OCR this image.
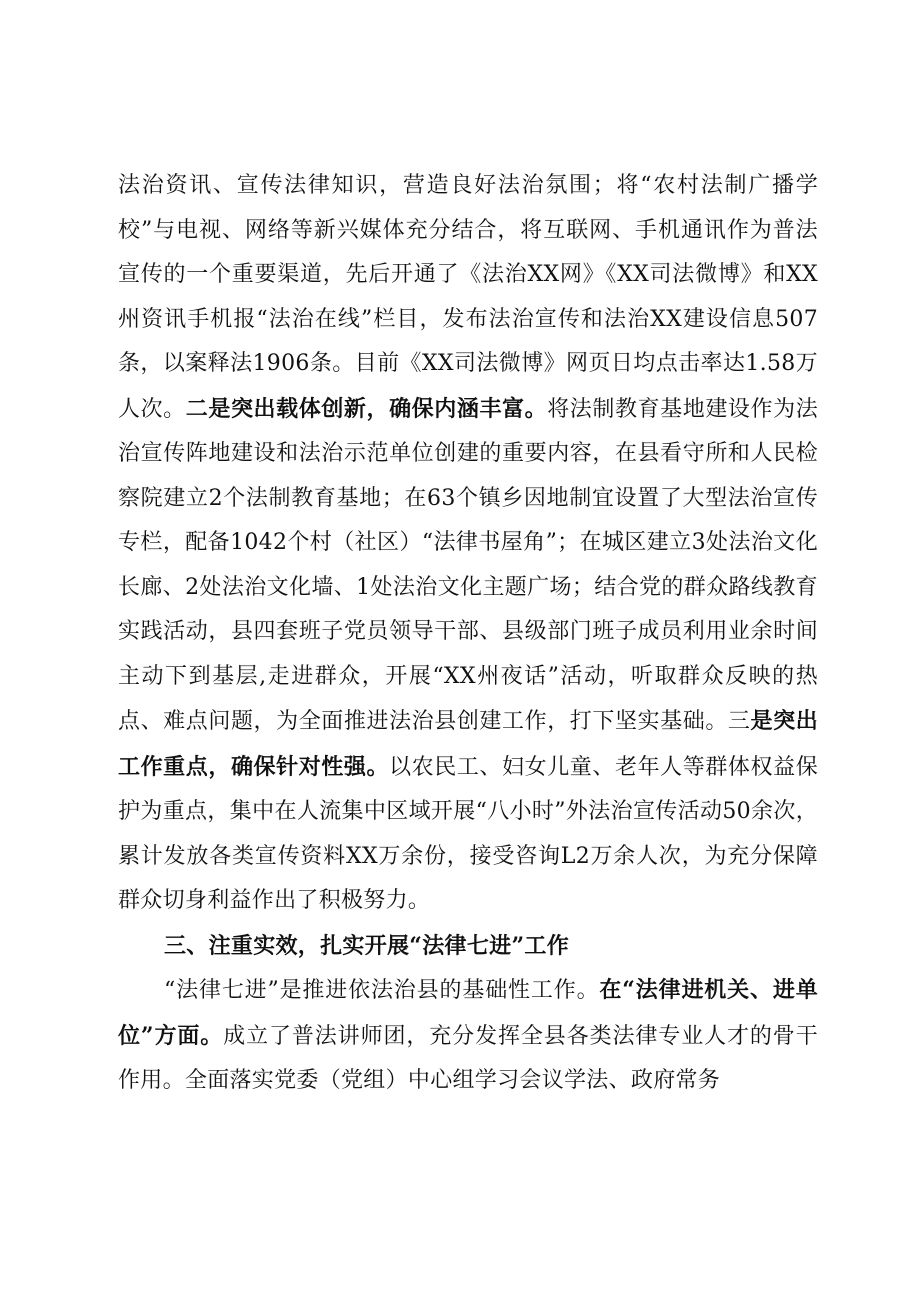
法治资讯、宣传法律知识，营造良好法治氛围；将“农村法制广播学校”与电视、网络等新兴媒体充分结合，将互联网、手机通讯作为普法宣传的一个重要渠道，先后开通了《法治XX网》《XX司法微博》和XX州资讯手机报“法治在线”栏目，发布法治宣传和法治XX建设信息507条，以案释法1906条。目前《XX司法微博》网页日均点击率达1.58万人次。二是突出载体创新，确保内涵丰富。将法制教育基地建设作为法治宣传阵地建设和法治示范单位创建的重要内容，在县看守所和人民检察院建立2个法制教育基地；在63个镇乡因地制宜设置了大型法治宣传专栏，配备1042个村（社区）“法律书屋角”；在城区建立3处法治文化长廊、2处法治文化墙、1处法治文化主题广场；结合党的群众路线教育实践活动，县四套班子党员领导干部、县级部门班子成员利用业余时间主动下到基层,走进群众，开展“XX州夜话”活动，听取群众反映的热点、难点问题，为全面推进法治县创建工作，打下坚实基础。三是突出工作重点，确保针对性强。以农民工、妇女儿童、老年人等群体权益保护为重点，集中在人流集中区域开展“八小时”外法治宣传活动50余次，累计发放各类宣传资料XX万余份，接受咨询L2万余人次，为充分保障群众切身利益作出了积极努力。

三、注重实效，扎实开展“法律七进”工作

“法律七进”是推进依法治县的基础性工作。在“法律进机关、进单位”方面。成立了普法讲师团，充分发挥全县各类法律专业人才的骨干作用。全面落实党委（党组）中心组学习会议学法、政府常务
